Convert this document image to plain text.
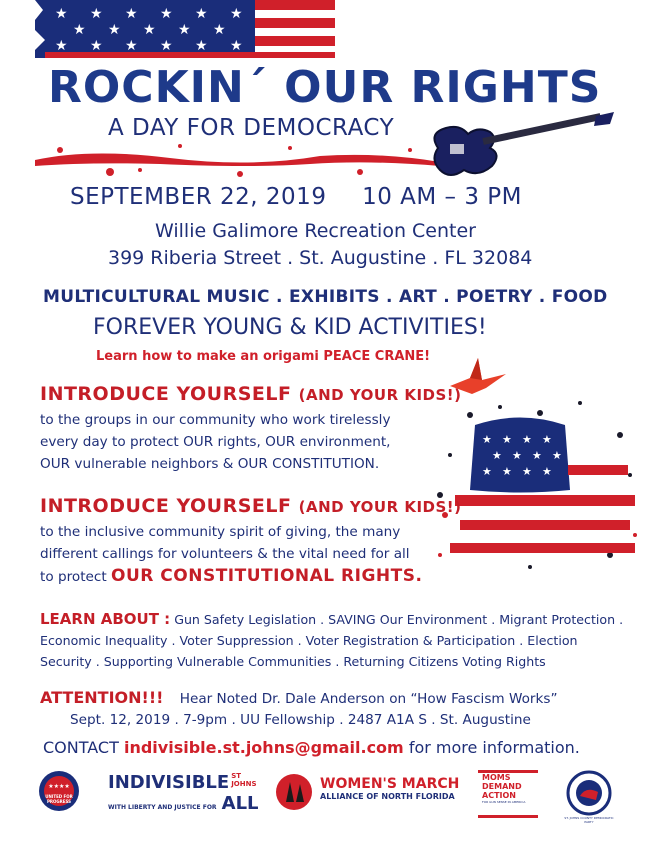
★ ★ ★ ★ ★ ★
★ ★ ★ ★ ★
★ ★ ★ ★ ★ ★
ROCKIN´ OUR RIGHTS
A DAY FOR DEMOCRACY
SEPTEMBER 22, 2019 10 AM – 3 PM
Willie Galimore Recreation Center
399 Riberia Street . St. Augustine . FL 32084
MULTICULTURAL MUSIC . EXHIBITS . ART . POETRY . FOOD
FOREVER YOUNG & KID ACTIVITIES!
Learn how to make an origami PEACE CRANE!
INTRODUCE YOURSELF (AND YOUR KIDS!)
to the groups in our community who work tirelessly
every day to protect OUR rights, OUR environment,
OUR vulnerable neighbors & OUR CONSTITUTION.
★ ★ ★ ★
★ ★ ★ ★
★ ★ ★ ★
INTRODUCE YOURSELF (AND YOUR KIDS!)
to the inclusive community spirit of giving, the many
different callings for volunteers & the vital need for all
to protect OUR CONSTITUTIONAL RIGHTS.
LEARN ABOUT : Gun Safety Legislation . SAVING Our Environment . Migrant Protection .
Economic Inequality . Voter Suppression . Voter Registration & Participation . Election
Security . Supporting Vulnerable Communities . Returning Citizens Voting Rights
ATTENTION!!! Hear Noted Dr. Dale Anderson on “How Fascism Works”
Sept. 12, 2019 . 7-9pm . UU Fellowship . 2487 A1A S . St. Augustine
CONTACT indivisible.st.johns@gmail.com for more information.
★★★★
UNITED FOR PROGRESS
INDIVISIBLE ST
JOHNS
WITH LIBERTY AND JUSTICE FOR ALL
WOMEN'S MARCH
ALLIANCE OF NORTH FLORIDA
MOMS
DEMAND
ACTION
FOR GUN SENSE IN AMERICA
ST. JOHNS COUNTY DEMOCRATIC PARTY
